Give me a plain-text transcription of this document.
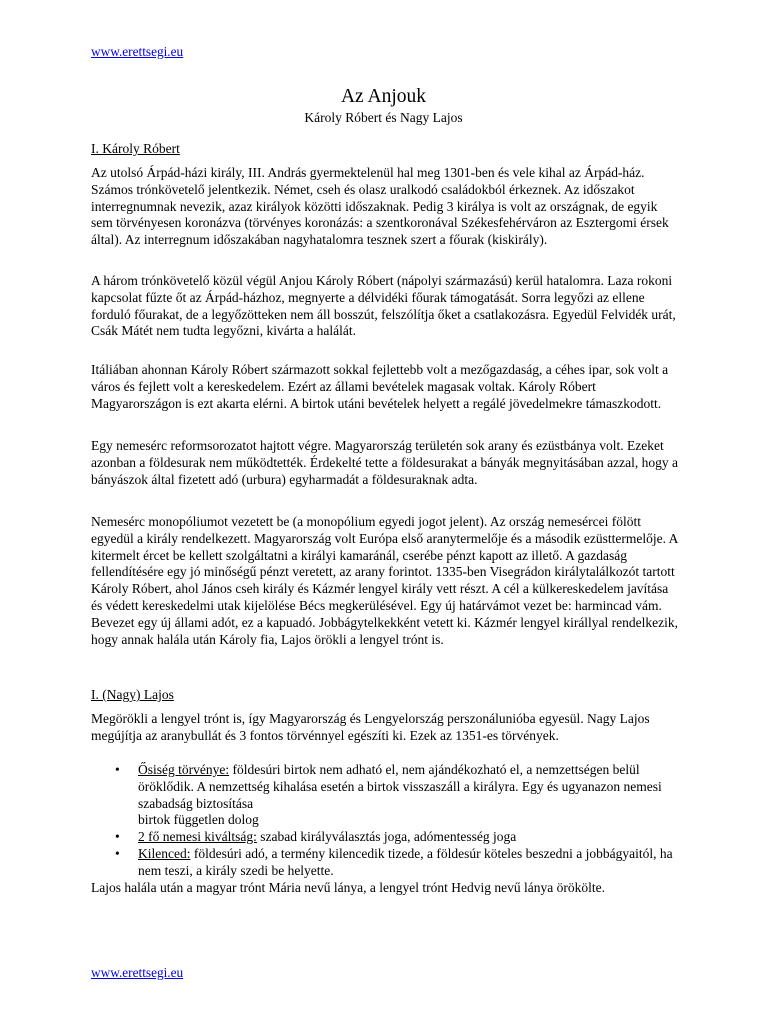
www.erettsegi.eu
Az Anjouk
Károly Róbert és Nagy Lajos
I. Károly Róbert

Az utolsó Árpád-házi király, III. András gyermektelenül hal meg 1301-ben és vele kihal az Árpád-ház. Számos trónkövetelő jelentkezik. Német, cseh és olasz uralkodó családokból érkeznek. Az időszakot interregnumnak nevezik, azaz királyok közötti időszaknak. Pedig 3 királya is volt az országnak, de egyik sem törvényesen koronázva (törvényes koronázás: a szentkoronával Székesfehérváron az Esztergomi érsek által). Az interregnum időszakában nagyhatalomra tesznek szert a főurak (kiskirály).

A három trónkövetelő közül végül Anjou Károly Róbert (nápolyi származású) kerül hatalomra. Laza rokoni kapcsolat fűzte őt az Árpád-házhoz, megnyerte a délvidéki főurak támogatását. Sorra legyőzi az ellene forduló főurakat, de a legyőzötteken nem áll bosszút, felszólítja őket a csatlakozásra. Egyedül Felvidék urát, Csák Mátét nem tudta legyőzni, kivárta a halálát.

Itáliában ahonnan Károly Róbert származott sokkal fejlettebb volt a mezőgazdaság, a céhes ipar, sok volt a város és fejlett volt a kereskedelem. Ezért az állami bevételek magasak voltak. Károly Róbert Magyarországon is ezt akarta elérni. A birtok utáni bevételek helyett a regálé jövedelmekre támaszkodott.

Egy nemesérc reformsorozatot hajtott végre. Magyarország területén sok arany és ezüstbánya volt. Ezeket azonban a földesurak nem működtették. Érdekelté tette a földesurakat a bányák megnyitásában azzal, hogy a bányászok által fizetett adó (urbura) egyharmadát a földesuraknak adta.

Nemesérc monopóliumot vezetett be (a monopólium egyedi jogot jelent). Az ország nemesércei fölött egyedül a király rendelkezett. Magyarország volt Európa első aranytermelője és a második ezüsttermelője. A kitermelt ércet be kellett szolgáltatni a királyi kamaránál, cserébe pénzt kapott az illető. A gazdaság fellendítésére egy jó minőségű pénzt veretett, az arany forintot. 1335-ben Visegrádon királytalálkozót tartott Károly Róbert, ahol János cseh király és Kázmér lengyel király vett részt. A cél a külkereskedelem javítása és védett kereskedelmi utak kijelölése Bécs megkerülésével. Egy új határvámot vezet be: harmincad vám. Bevezet egy új állami adót, ez a kapuadó. Jobbágytelkekként vetett ki. Kázmér lengyel királlyal rendelkezik, hogy annak halála után Károly fia, Lajos örökli a lengyel trónt is.

I. (Nagy) Lajos

Megörökli a lengyel trónt is, így Magyarország és Lengyelország perszonálunióba egyesül. Nagy Lajos megújítja az aranybullát és 3 fontos törvénnyel egészíti ki. Ezek az 1351-es törvények.

• Ősiség törvénye: földesúri birtok nem adható el, nem ajándékozható el, a nemzettségen belül öröklődik. A nemzettség kihalása esetén a birtok visszaszáll a királyra. Egy és ugyanazon nemesi szabadság biztosítása
birtok független dolog
• 2 fő nemesi kiváltság: szabad királyválasztás joga, adómentesség joga
• Kilenced: földesúri adó, a termény kilencedik tizede, a földesúr köteles beszedni a jobbágyaitól, ha nem teszi, a király szedi be helyette.

Lajos halála után a magyar trónt Mária nevű lánya, a lengyel trónt Hedvig nevű lánya örökölte.

www.erettsegi.eu
